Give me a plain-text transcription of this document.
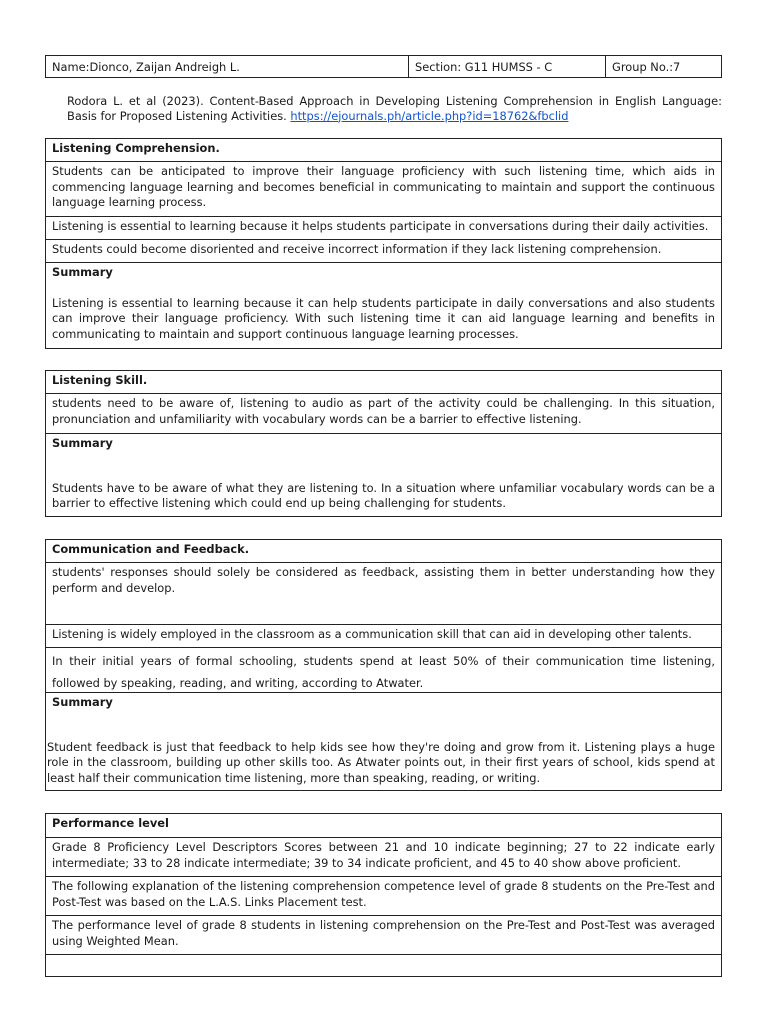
Name:Dionco, Zaijan Andreigh L.	Section: G11 HUMSS - C	Group No.:7
Rodora L. et al (2023). Content-Based Approach in Developing Listening Comprehension in English Language: Basis for Proposed Listening Activities. https://ejournals.ph/article.php?id=18762&fbclid
Listening Comprehension.
Students can be anticipated to improve their language proficiency with such listening time, which aids in commencing language learning and becomes beneficial in communicating to maintain and support the continuous language learning process.
Listening is essential to learning because it helps students participate in conversations during their daily activities.
Students could become disoriented and receive incorrect information if they lack listening comprehension.
Summary
Listening is essential to learning because it can help students participate in daily conversations and also students can improve their language proficiency. With such listening time it can aid language learning and benefits in communicating to maintain and support continuous language learning processes.
Listening Skill.
students need to be aware of, listening to audio as part of the activity could be challenging. In this situation, pronunciation and unfamiliarity with vocabulary words can be a barrier to effective listening.
Summary
Students have to be aware of what they are listening to. In a situation where unfamiliar vocabulary words can be a barrier to effective listening which could end up being challenging for students.
Communication and Feedback.
students' responses should solely be considered as feedback, assisting them in better understanding how they perform and develop.
Listening is widely employed in the classroom as a communication skill that can aid in developing other talents.
In their initial years of formal schooling, students spend at least 50% of their communication time listening, followed by speaking, reading, and writing, according to Atwater.
Summary
Student feedback is just that feedback to help kids see how they're doing and grow from it. Listening plays a huge role in the classroom, building up other skills too. As Atwater points out, in their first years of school, kids spend at least half their communication time listening, more than speaking, reading, or writing.
Performance level
Grade 8 Proficiency Level Descriptors Scores between 21 and 10 indicate beginning; 27 to 22 indicate early intermediate; 33 to 28 indicate intermediate; 39 to 34 indicate proficient, and 45 to 40 show above proficient.
The following explanation of the listening comprehension competence level of grade 8 students on the Pre-Test and Post-Test was based on the L.A.S. Links Placement test.
The performance level of grade 8 students in listening comprehension on the Pre-Test and Post-Test was averaged using Weighted Mean.
